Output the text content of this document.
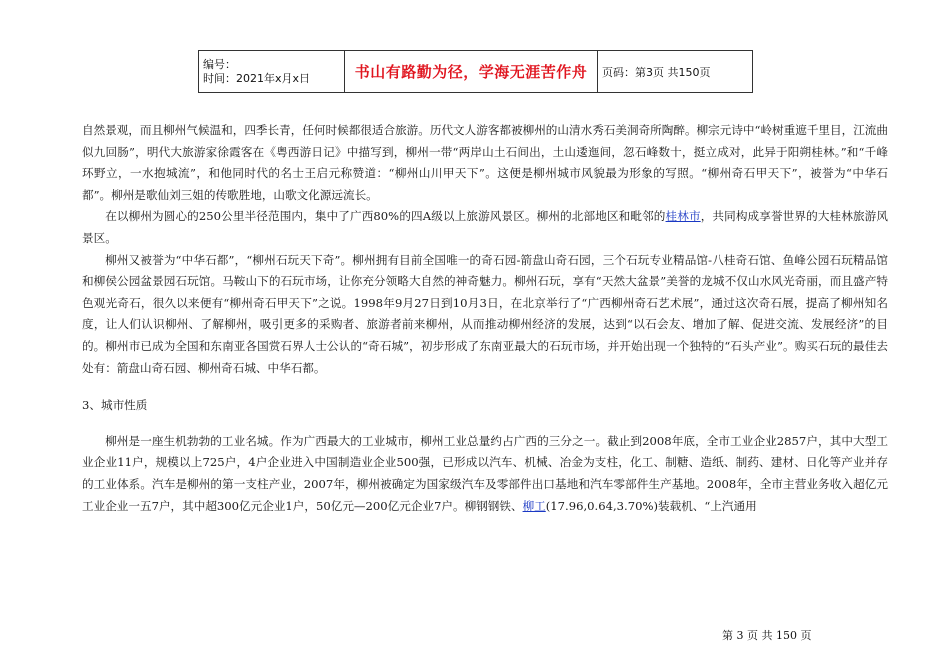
编号：
时间：2021年x月x日	书山有路勤为径，学海无涯苦作舟	页码：第3页 共150页

自然景观，而且柳州气候温和，四季长青，任何时候都很适合旅游。历代文人游客都被柳州的山清水秀石美洞奇所陶醉。柳宗元诗中“岭树重遮千里目，江流曲似九回肠”，明代大旅游家徐霞客在《粤西游日记》中描写到，柳州一带“两岸山土石间出，土山逶迤间，忽石峰数十，挺立成对，此异于阳朔桂林。”和“千峰环野立，一水抱城流”，和他同时代的名士王启元称赞道：“柳州山川甲天下”。这便是柳州城市风貌最为形象的写照。“柳州奇石甲天下”，被誉为“中华石都”。柳州是歌仙刘三姐的传歌胜地，山歌文化源远流长。

在以柳州为圆心的250公里半径范围内，集中了广西80%的四A级以上旅游风景区。柳州的北部地区和毗邻的桂林市，共同构成享誉世界的大桂林旅游风景区。

柳州又被誉为“中华石都”，“柳州石玩天下奇”。柳州拥有目前全国唯一的奇石园-箭盘山奇石园，三个石玩专业精品馆-八桂奇石馆、鱼峰公园石玩精品馆和柳侯公园盆景园石玩馆。马鞍山下的石玩市场，让你充分领略大自然的神奇魅力。柳州石玩，享有“天然大盆景”美誉的龙城不仅山水风光奇丽，而且盛产特色观光奇石，很久以来便有“柳州奇石甲天下”之说。1998年9月27日到10月3日，在北京举行了“广西柳州奇石艺术展”，通过这次奇石展，提高了柳州知名度，让人们认识柳州、了解柳州，吸引更多的采购者、旅游者前来柳州，从而推动柳州经济的发展，达到“以石会友、增加了解、促进交流、发展经济”的目的。柳州市已成为全国和东南亚各国赏石界人士公认的“奇石城”，初步形成了东南亚最大的石玩市场，并开始出现一个独特的“石头产业”。购买石玩的最佳去处有：箭盘山奇石园、柳州奇石城、中华石都。

3、城市性质

柳州是一座生机勃勃的工业名城。作为广西最大的工业城市，柳州工业总量约占广西的三分之一。截止到2008年底，全市工业企业2857户，其中大型工业企业11户，规模以上725户，4户企业进入中国制造业企业500强，已形成以汽车、机械、冶金为支柱，化工、制糖、造纸、制药、建材、日化等产业并存的工业体系。汽车是柳州的第一支柱产业，2007年，柳州被确定为国家级汽车及零部件出口基地和汽车零部件生产基地。2008年，全市主营业务收入超亿元工业企业一五7户，其中超300亿元企业1户，50亿元—200亿元企业7户。柳钢钢铁、柳工(17.96,0.64,3.70%)装载机、“上汽通用

第 3 页 共 150 页
